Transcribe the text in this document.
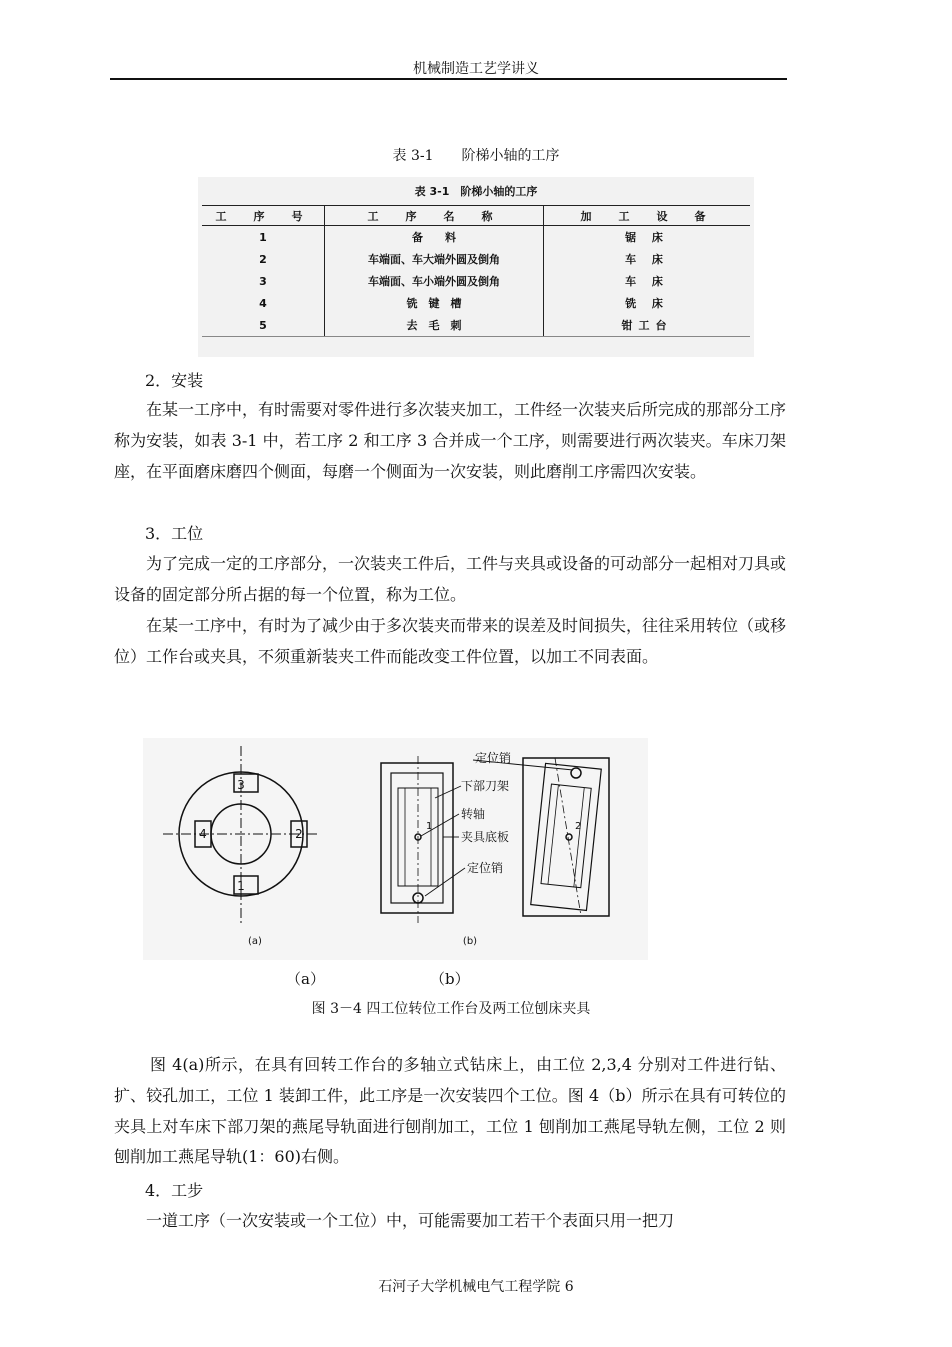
机械制造工艺学讲义
表 3-1　　阶梯小轴的工序
表 3-1　阶梯小轴的工序
工　序　号	工　序　名　称	加　工　设　备
1	备　　料	锯 床
2	车端面、车大端外圆及倒角	车 床
3	车端面、车小端外圆及倒角	车 床
4	铣　键　槽	铣 床
5	去　毛　刺	钳工台
2．安装
在某一工序中，有时需要对零件进行多次装夹加工，工件经一次装夹后所完成的那部分工序称为安装，如表 3-1 中，若工序 2 和工序 3 合并成一个工序，则需要进行两次装夹。车床刀架座，在平面磨床磨四个侧面，每磨一个侧面为一次安装，则此磨削工序需四次安装。
3．工位
为了完成一定的工序部分，一次装夹工件后，工件与夹具或设备的可动部分一起相对刀具或设备的固定部分所占据的每一个位置，称为工位。
在某一工序中，有时为了减少由于多次装夹而带来的误差及时间损失，往往采用转位（或移位）工作台或夹具，不须重新装夹工件而能改变工件位置，以加工不同表面。
3
4	2
1
定位销
下部刀架
转轴
夹具底板
定位销
1	2
(a)	(b)
（a）	（b）
图 3－4 四工位转位工作台及两工位刨床夹具
图 4(a)所示，在具有回转工作台的多轴立式钻床上，由工位 2,3,4 分别对工件进行钻、扩、铰孔加工，工位 1 装卸工件，此工序是一次安装四个工位。图 4（b）所示在具有可转位的夹具上对车床下部刀架的燕尾导轨面进行刨削加工，工位 1 刨削加工燕尾导轨左侧，工位 2 则刨削加工燕尾导轨(1：60)右侧。
4．工步
一道工序（一次安装或一个工位）中，可能需要加工若干个表面只用一把刀
石河子大学机械电气工程学院 6
